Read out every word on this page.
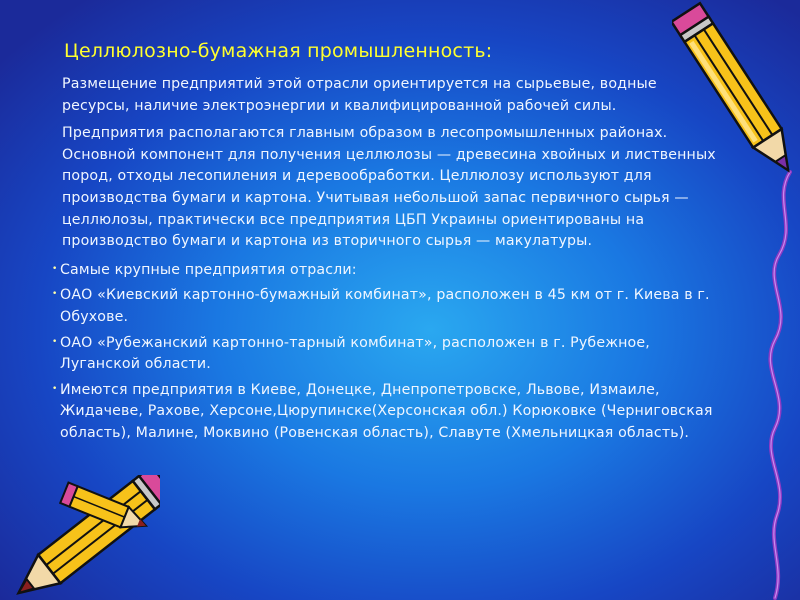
Целлюлозно-бумажная промышленность:

Размещение предприятий этой отрасли ориентируется на сырьевые, водные ресурсы, наличие электроэнергии и квалифицированной рабочей силы.

Предприятия располагаются главным образом в лесопромышленных районах. Основной компонент для получения целлюлозы — древесина хвойных и лиственных пород, отходы лесопиления и деревообработки. Целлюлозу используют для производства бумаги и картона. Учитывая небольшой запас первичного сырья — целлюлозы, практически все предприятия ЦБП Украины ориентированы на производство бумаги и картона из вторичного сырья — макулатуры.

• Самые крупные предприятия отрасли:

• ОАО «Киевский картонно-бумажный комбинат», расположен в 45 км от г. Киева в г. Обухове.

• ОАО «Рубежанский картонно-тарный комбинат», расположен в г. Рубежное, Луганской области.

• Имеются предприятия в Киеве, Донецке, Днепропетровске, Львове, Измаиле, Жидачеве, Рахове, Херсоне,Цюрупинске(Херсонская обл.) Корюковке (Черниговская область), Малине, Моквино (Ровенская область), Славуте (Хмельницкая область).
